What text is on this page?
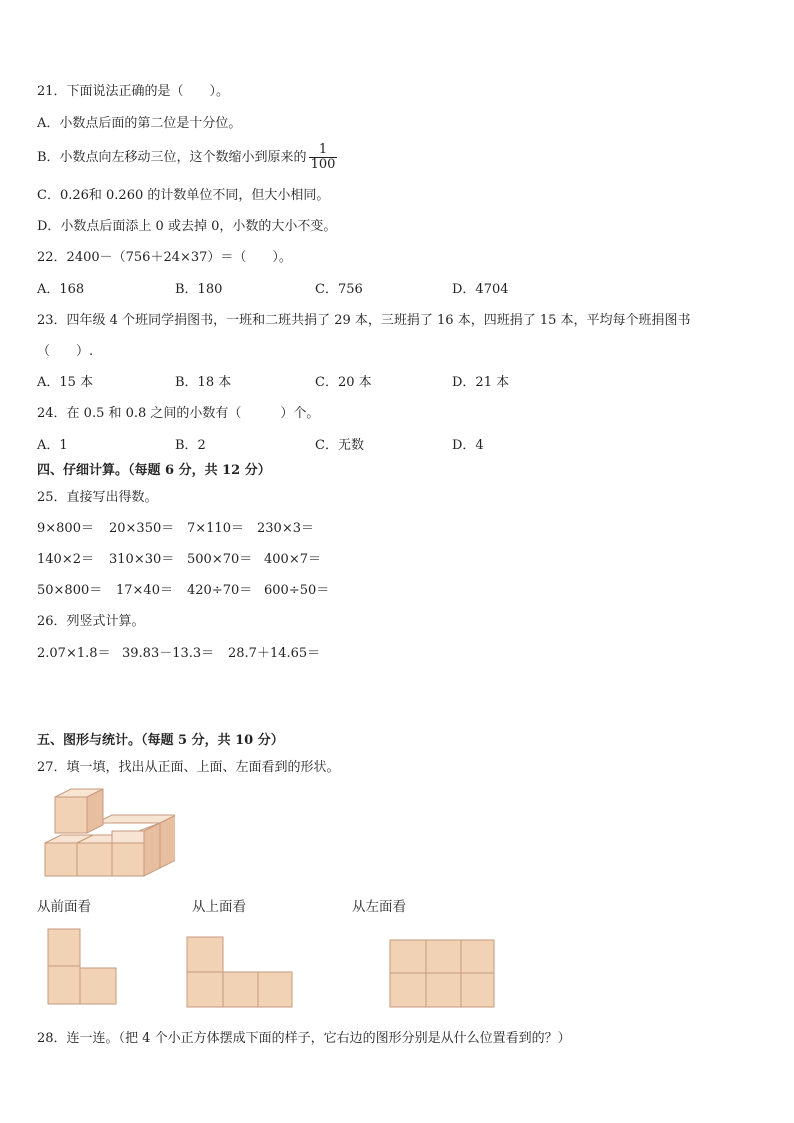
21．下面说法正确的是（　　）。
A．小数点后面的第二位是十分位。
B．小数点向左移动三位，这个数缩小到原来的 $\frac{1}{100}$
C．0.26和 0.260 的计数单位不同，但大小相同。
D．小数点后面添上 0 或去掉 0，小数的大小不变。
22．2400－（756＋24×37）＝（　　）。
A．168	B．180	C．756	D．4704
23．四年级 4 个班同学捐图书，一班和二班共捐了 29 本，三班捐了 16 本，四班捐了 15 本，平均每个班捐图书
（　　）.
A．15 本	B．18 本	C．20 本	D．21 本
24．在 0.5 和 0.8 之间的小数有（　　　）个。
A．1	B．2	C．无数	D．4
四、仔细计算。（每题 6 分，共 12 分）
25．直接写出得数。
9×800＝ 20×350＝ 7×110＝ 230×3＝
140×2＝ 310×30＝ 500×70＝ 400×7＝
50×800＝ 17×40＝ 420÷70＝ 600÷50＝
26．列竖式计算。
2.07×1.8＝ 39.83－13.3＝ 28.7＋14.65＝
五、图形与统计。（每题 5 分，共 10 分）
27．填一填，找出从正面、上面、左面看到的形状。
从前面看	从上面看	从左面看
28．连一连。（把 4 个小正方体摆成下面的样子，它右边的图形分别是从什么位置看到的？）
